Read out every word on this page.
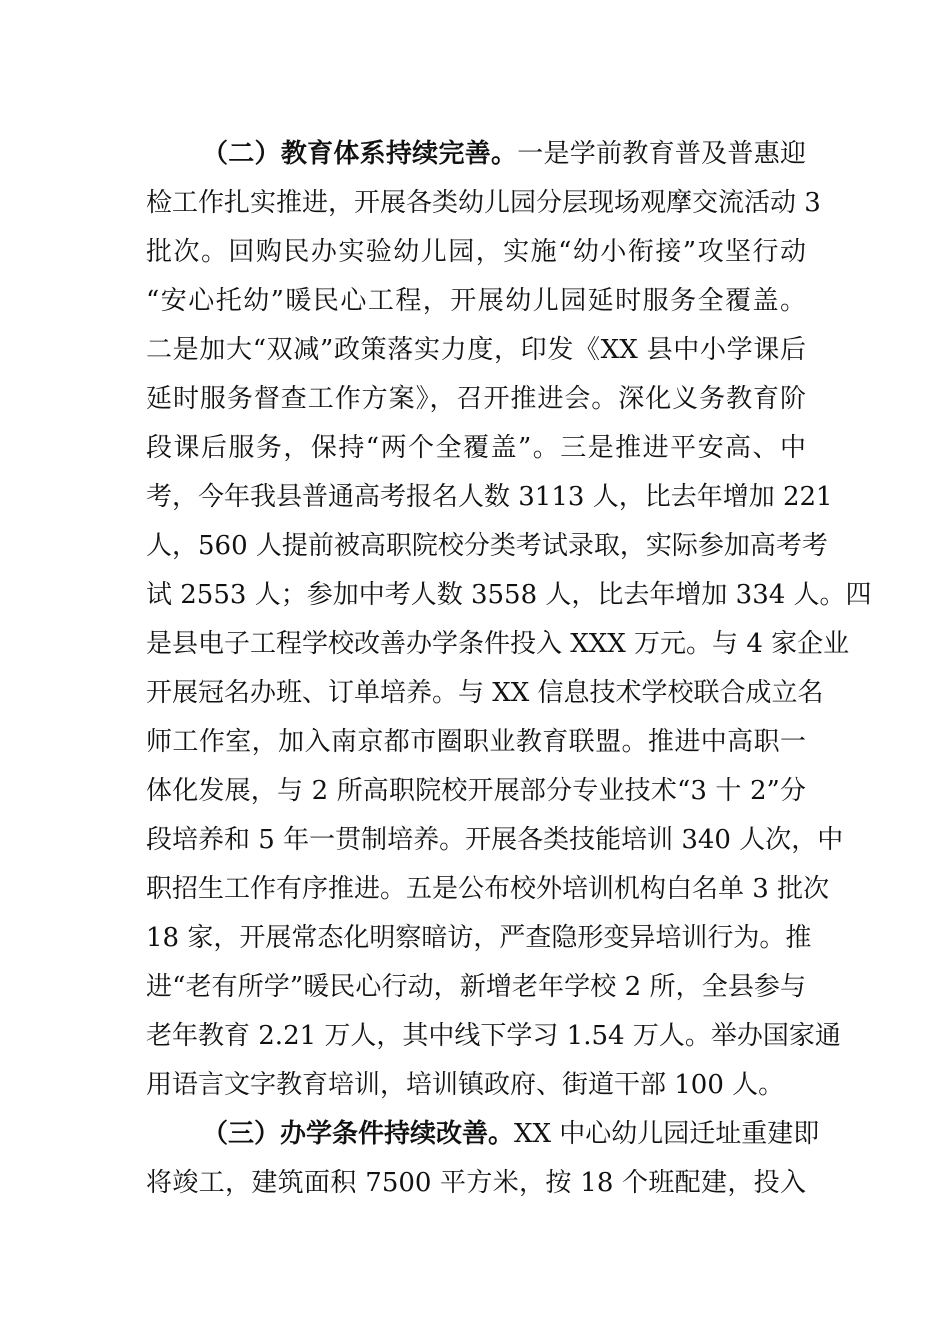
（二）教育体系持续完善。一是学前教育普及普惠迎
检工作扎实推进，开展各类幼儿园分层现场观摩交流活动 3
批次。回购民办实验幼儿园，实施“幼小衔接”攻坚行动
“安心托幼”暖民心工程，开展幼儿园延时服务全覆盖。
二是加大“双减”政策落实力度，印发《XX 县中小学课后
延时服务督查工作方案》，召开推进会。深化义务教育阶
段课后服务，保持“两个全覆盖”。三是推进平安高、中
考，今年我县普通高考报名人数 3113 人，比去年增加 221
人，560 人提前被高职院校分类考试录取，实际参加高考考
试 2553 人；参加中考人数 3558 人，比去年增加 334 人。四
是县电子工程学校改善办学条件投入 XXX 万元。与 4 家企业
开展冠名办班、订单培养。与 XX 信息技术学校联合成立名
师工作室，加入南京都市圈职业教育联盟。推进中高职一
体化发展，与 2 所高职院校开展部分专业技术“3 十 2”分
段培养和 5 年一贯制培养。开展各类技能培训 340 人次，中
职招生工作有序推进。五是公布校外培训机构白名单 3 批次
18 家，开展常态化明察暗访，严查隐形变异培训行为。推
进“老有所学”暖民心行动，新增老年学校 2 所，全县参与
老年教育 2.21 万人，其中线下学习 1.54 万人。举办国家通
用语言文字教育培训，培训镇政府、街道干部 100 人。
（三）办学条件持续改善。XX 中心幼儿园迁址重建即
将竣工，建筑面积 7500 平方米，按 18 个班配建，投入
